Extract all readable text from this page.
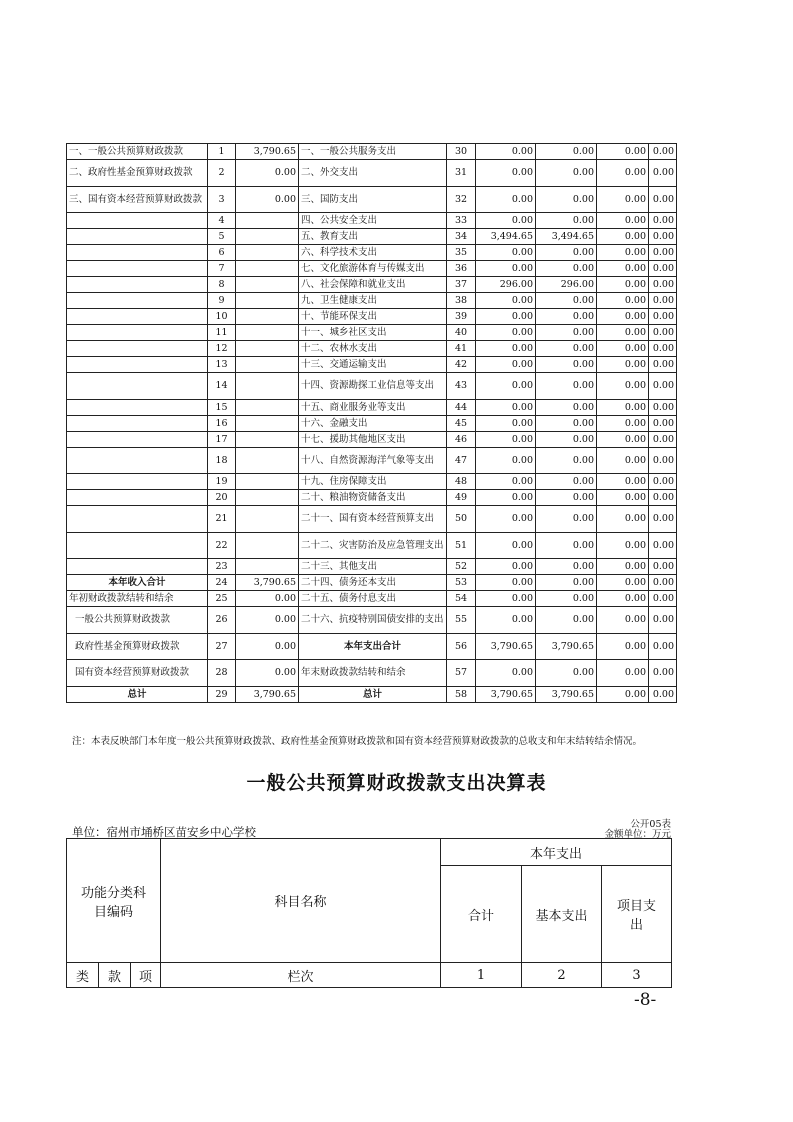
一、一般公共预算财政拨款	1	3,790.65	一、一般公共服务支出	30	0.00	0.00	0.00	0.00
二、政府性基金预算财政拨款	2	0.00	二、外交支出	31	0.00	0.00	0.00	0.00
三、国有资本经营预算财政拨款	3	0.00	三、国防支出	32	0.00	0.00	0.00	0.00
	4		四、公共安全支出	33	0.00	0.00	0.00	0.00
	5		五、教育支出	34	3,494.65	3,494.65	0.00	0.00
	6		六、科学技术支出	35	0.00	0.00	0.00	0.00
	7		七、文化旅游体育与传媒支出	36	0.00	0.00	0.00	0.00
	8		八、社会保障和就业支出	37	296.00	296.00	0.00	0.00
	9		九、卫生健康支出	38	0.00	0.00	0.00	0.00
	10		十、节能环保支出	39	0.00	0.00	0.00	0.00
	11		十一、城乡社区支出	40	0.00	0.00	0.00	0.00
	12		十二、农林水支出	41	0.00	0.00	0.00	0.00
	13		十三、交通运输支出	42	0.00	0.00	0.00	0.00
	14		十四、资源勘探工业信息等支出	43	0.00	0.00	0.00	0.00
	15		十五、商业服务业等支出	44	0.00	0.00	0.00	0.00
	16		十六、金融支出	45	0.00	0.00	0.00	0.00
	17		十七、援助其他地区支出	46	0.00	0.00	0.00	0.00
	18		十八、自然资源海洋气象等支出	47	0.00	0.00	0.00	0.00
	19		十九、住房保障支出	48	0.00	0.00	0.00	0.00
	20		二十、粮油物资储备支出	49	0.00	0.00	0.00	0.00
	21		二十一、国有资本经营预算支出	50	0.00	0.00	0.00	0.00
	22		二十二、灾害防治及应急管理支出	51	0.00	0.00	0.00	0.00
	23		二十三、其他支出	52	0.00	0.00	0.00	0.00
本年收入合计	24	3,790.65	二十四、债务还本支出	53	0.00	0.00	0.00	0.00
年初财政拨款结转和结余	25	0.00	二十五、债务付息支出	54	0.00	0.00	0.00	0.00
一般公共预算财政拨款	26	0.00	二十六、抗疫特别国债安排的支出	55	0.00	0.00	0.00	0.00
政府性基金预算财政拨款	27	0.00	本年支出合计	56	3,790.65	3,790.65	0.00	0.00
国有资本经营预算财政拨款	28	0.00	年末财政拨款结转和结余	57	0.00	0.00	0.00	0.00
总计	29	3,790.65	总计	58	3,790.65	3,790.65	0.00	0.00
注：本表反映部门本年度一般公共预算财政拨款、政府性基金预算财政拨款和国有资本经营预算财政拨款的总收支和年末结转结余情况。
一般公共预算财政拨款支出决算表
公开05表
单位：宿州市埇桥区苗安乡中心学校	金额单位：万元
功能分类科目编码			科目名称	本年支出		
				合计	基本支出	项目支出
类	款	项	栏次	1	2	3
-8-
